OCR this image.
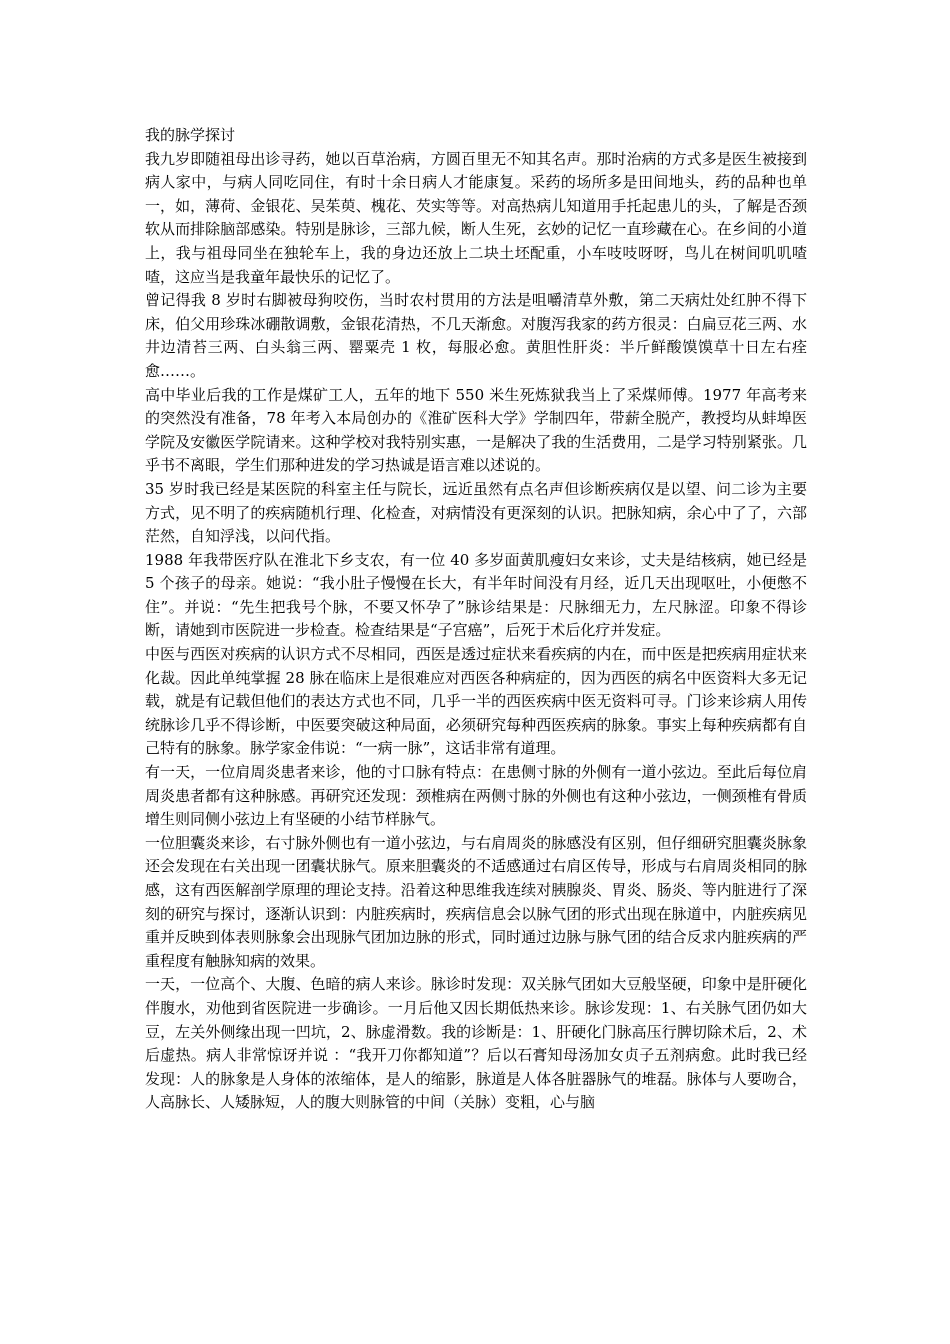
我的脉学探讨

我九岁即随祖母出诊寻药，她以百草治病，方圆百里无不知其名声。那时治病的方式多是医生被接到病人家中，与病人同吃同住，有时十余日病人才能康复。采药的场所多是田间地头，药的品种也单一，如，薄荷、金银花、吴茱萸、槐花、芡实等等。对高热病儿知道用手托起患儿的头，了解是否颈软从而排除脑部感染。特别是脉诊，三部九候，断人生死，玄妙的记忆一直珍藏在心。在乡间的小道上，我与祖母同坐在独轮车上，我的身边还放上二块土坯配重，小车吱吱呀呀，鸟儿在树间叽叽喳喳，这应当是我童年最快乐的记忆了。

曾记得我 8 岁时右脚被母狗咬伤，当时农村贯用的方法是咀嚼清草外敷，第二天病灶处红肿不得下床，伯父用珍珠冰硼散调敷，金银花清热，不几天渐愈。对腹泻我家的药方很灵：白扁豆花三两、水井边清苔三两、白头翁三两、罂粟壳 1 枚，每服必愈。黄胆性肝炎：半斤鲜酸馍馍草十日左右痊愈……。

高中毕业后我的工作是煤矿工人，五年的地下 550 米生死炼狱我当上了采煤师傅。1977 年高考来的突然没有准备，78 年考入本局创办的《淮矿医科大学》学制四年，带薪全脱产，教授均从蚌埠医学院及安徽医学院请来。这种学校对我特别实惠，一是解决了我的生活费用，二是学习特别紧张。几乎书不离眼，学生们那种进发的学习热诚是语言难以述说的。

35 岁时我已经是某医院的科室主任与院长，远近虽然有点名声但诊断疾病仅是以望、问二诊为主要方式，见不明了的疾病随机行理、化检查，对病情没有更深刻的认识。把脉知病，余心中了了，六部茫然，自知浮浅，以问代指。

1988 年我带医疗队在淮北下乡支农，有一位 40 多岁面黄肌瘦妇女来诊，丈夫是结核病，她已经是 5 个孩子的母亲。她说：“我小肚子慢慢在长大，有半年时间没有月经，近几天出现呕吐，小便憋不住”。并说：“先生把我号个脉，不要又怀孕了”脉诊结果是：尺脉细无力，左尺脉涩。印象不得诊断，请她到市医院进一步检查。检查结果是“子宫癌”，后死于术后化疗并发症。

中医与西医对疾病的认识方式不尽相同，西医是透过症状来看疾病的内在，而中医是把疾病用症状来化裁。因此单纯掌握 28 脉在临床上是很难应对西医各种病症的，因为西医的病名中医资料大多无记载，就是有记载但他们的表达方式也不同，几乎一半的西医疾病中医无资料可寻。门诊来诊病人用传统脉诊几乎不得诊断，中医要突破这种局面，必须研究每种西医疾病的脉象。事实上每种疾病都有自己特有的脉象。脉学家金伟说：“一病一脉”，这话非常有道理。

有一天，一位肩周炎患者来诊，他的寸口脉有特点：在患侧寸脉的外侧有一道小弦边。至此后每位肩周炎患者都有这种脉感。再研究还发现：颈椎病在两侧寸脉的外侧也有这种小弦边，一侧颈椎有骨质增生则同侧小弦边上有坚硬的小结节样脉气。

一位胆囊炎来诊，右寸脉外侧也有一道小弦边，与右肩周炎的脉感没有区别，但仔细研究胆囊炎脉象还会发现在右关出现一团囊状脉气。原来胆囊炎的不适感通过右肩区传导，形成与右肩周炎相同的脉感，这有西医解剖学原理的理论支持。沿着这种思维我连续对胰腺炎、胃炎、肠炎、等内脏进行了深刻的研究与探讨，逐渐认识到：内脏疾病时，疾病信息会以脉气团的形式出现在脉道中，内脏疾病见重并反映到体表则脉象会出现脉气团加边脉的形式，同时通过边脉与脉气团的结合反求内脏疾病的严重程度有触脉知病的效果。

一天，一位高个、大腹、色暗的病人来诊。脉诊时发现：双关脉气团如大豆般坚硬，印象中是肝硬化伴腹水，劝他到省医院进一步确诊。一月后他又因长期低热来诊。脉诊发现：1、右关脉气团仍如大豆，左关外侧缘出现一凹坑，2、脉虚滑数。我的诊断是：1、肝硬化门脉高压行脾切除术后，2、术后虚热。病人非常惊讶并说 ：“我开刀你都知道”？后以石膏知母汤加女贞子五剂病愈。此时我已经发现：人的脉象是人身体的浓缩体，是人的缩影，脉道是人体各脏器脉气的堆磊。脉体与人要吻合，人高脉长、人矮脉短，人的腹大则脉管的中间（关脉）变粗，心与脑
